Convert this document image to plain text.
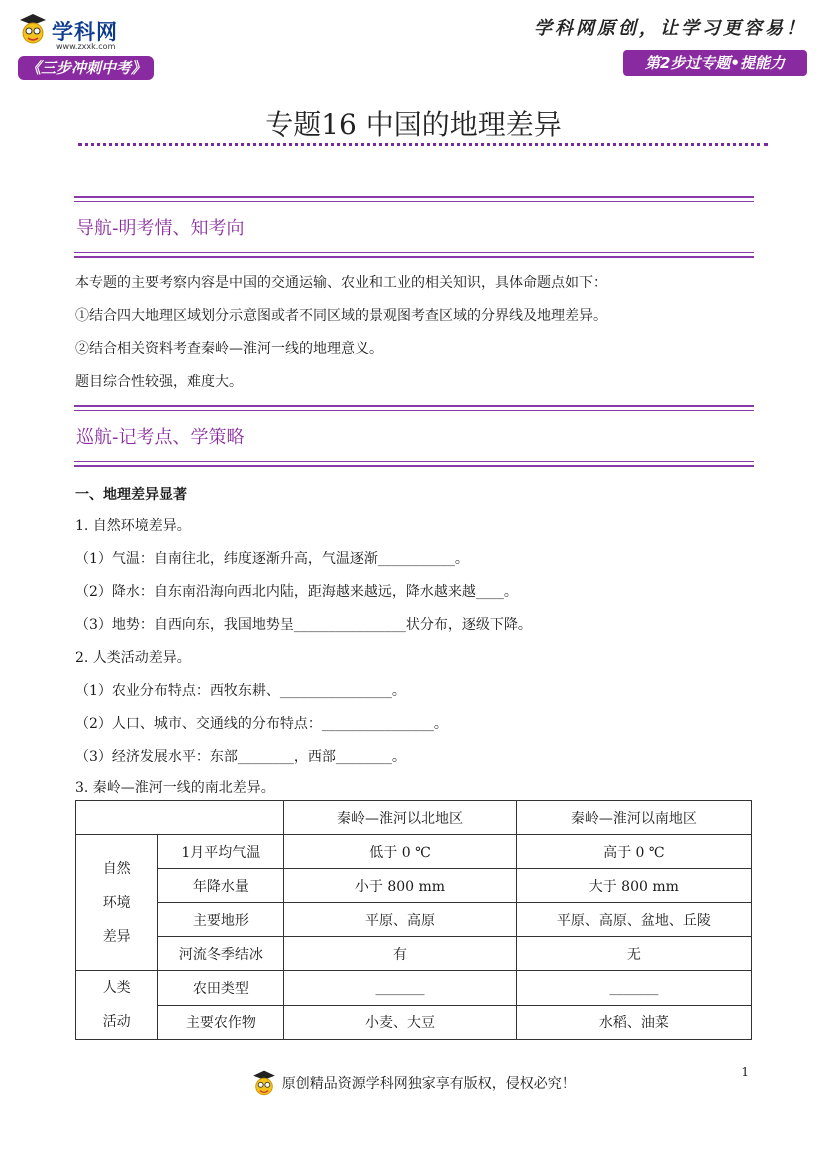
学科网
www.zxxk.com
《三步冲刺中考》
学科网原创，让学习更容易！
第2步过专题•提能力
专题16 中国的地理差异
导航-明考情、知考向
本专题的主要考察内容是中国的交通运输、农业和工业的相关知识，具体命题点如下：
①结合四大地理区域划分示意图或者不同区域的景观图考查区域的分界线及地理差异。
②结合相关资料考查秦岭—淮河一线的地理意义。
题目综合性较强，难度大。
巡航-记考点、学策略
一、地理差异显著
1. 自然环境差异。
（1）气温：自南往北，纬度逐渐升高，气温逐渐___________。
（2）降水：自东南沿海向西北内陆，距海越来越远，降水越来越____。
（3）地势：自西向东，我国地势呈________________状分布，逐级下降。
2. 人类活动差异。
（1）农业分布特点：西牧东耕、________________。
（2）人口、城市、交通线的分布特点：________________。
（3）经济发展水平：东部________，西部________。
3. 秦岭—淮河一线的南北差异。
		秦岭—淮河以北地区	秦岭—淮河以南地区

自然
环境
差异	1月平均气温	低于 0 ℃	高于 0 ℃
	年降水量	小于 800 mm	大于 800 mm
	主要地形	平原、高原	平原、高原、盆地、丘陵
	河流冬季结冰	有	无

人类
活动	农田类型	_______	_______
	主要农作物	小麦、大豆	水稻、油菜
1
原创精品资源学科网独家享有版权，侵权必究！
